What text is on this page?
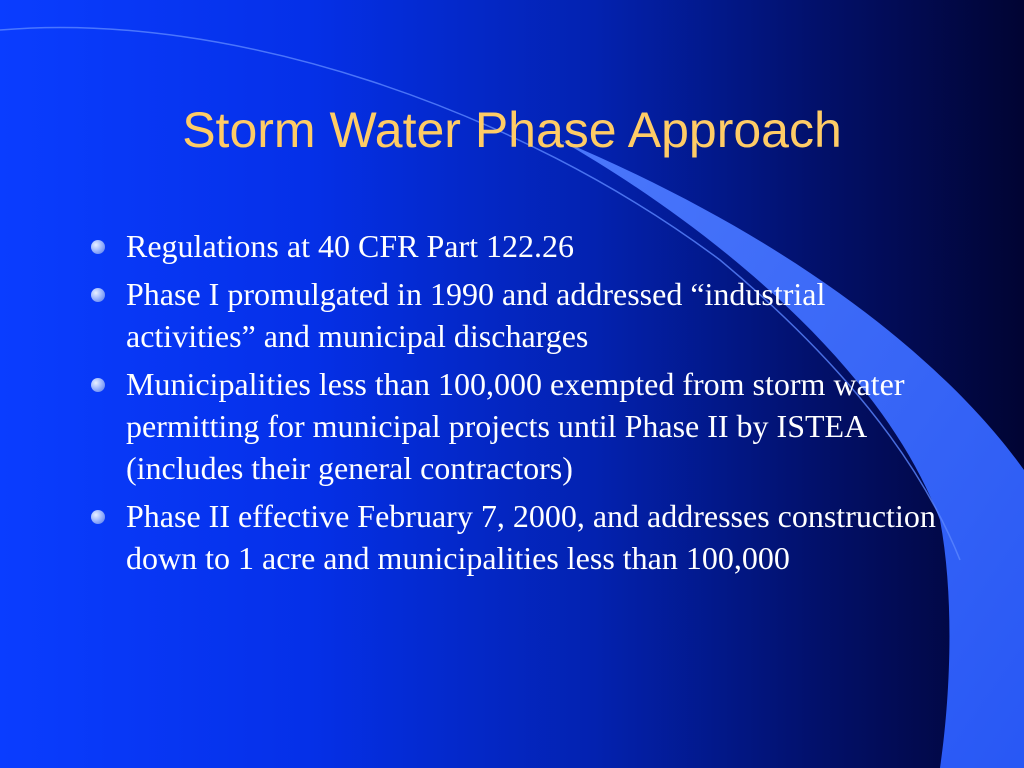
Storm Water Phase Approach
Regulations at 40 CFR Part 122.26
Phase I promulgated in 1990 and addressed “industrial activities” and municipal discharges
Municipalities less than 100,000 exempted from storm water permitting for municipal projects until Phase II by ISTEA (includes their general contractors)
Phase II effective February 7, 2000, and addresses construction down to 1 acre and municipalities less than 100,000
